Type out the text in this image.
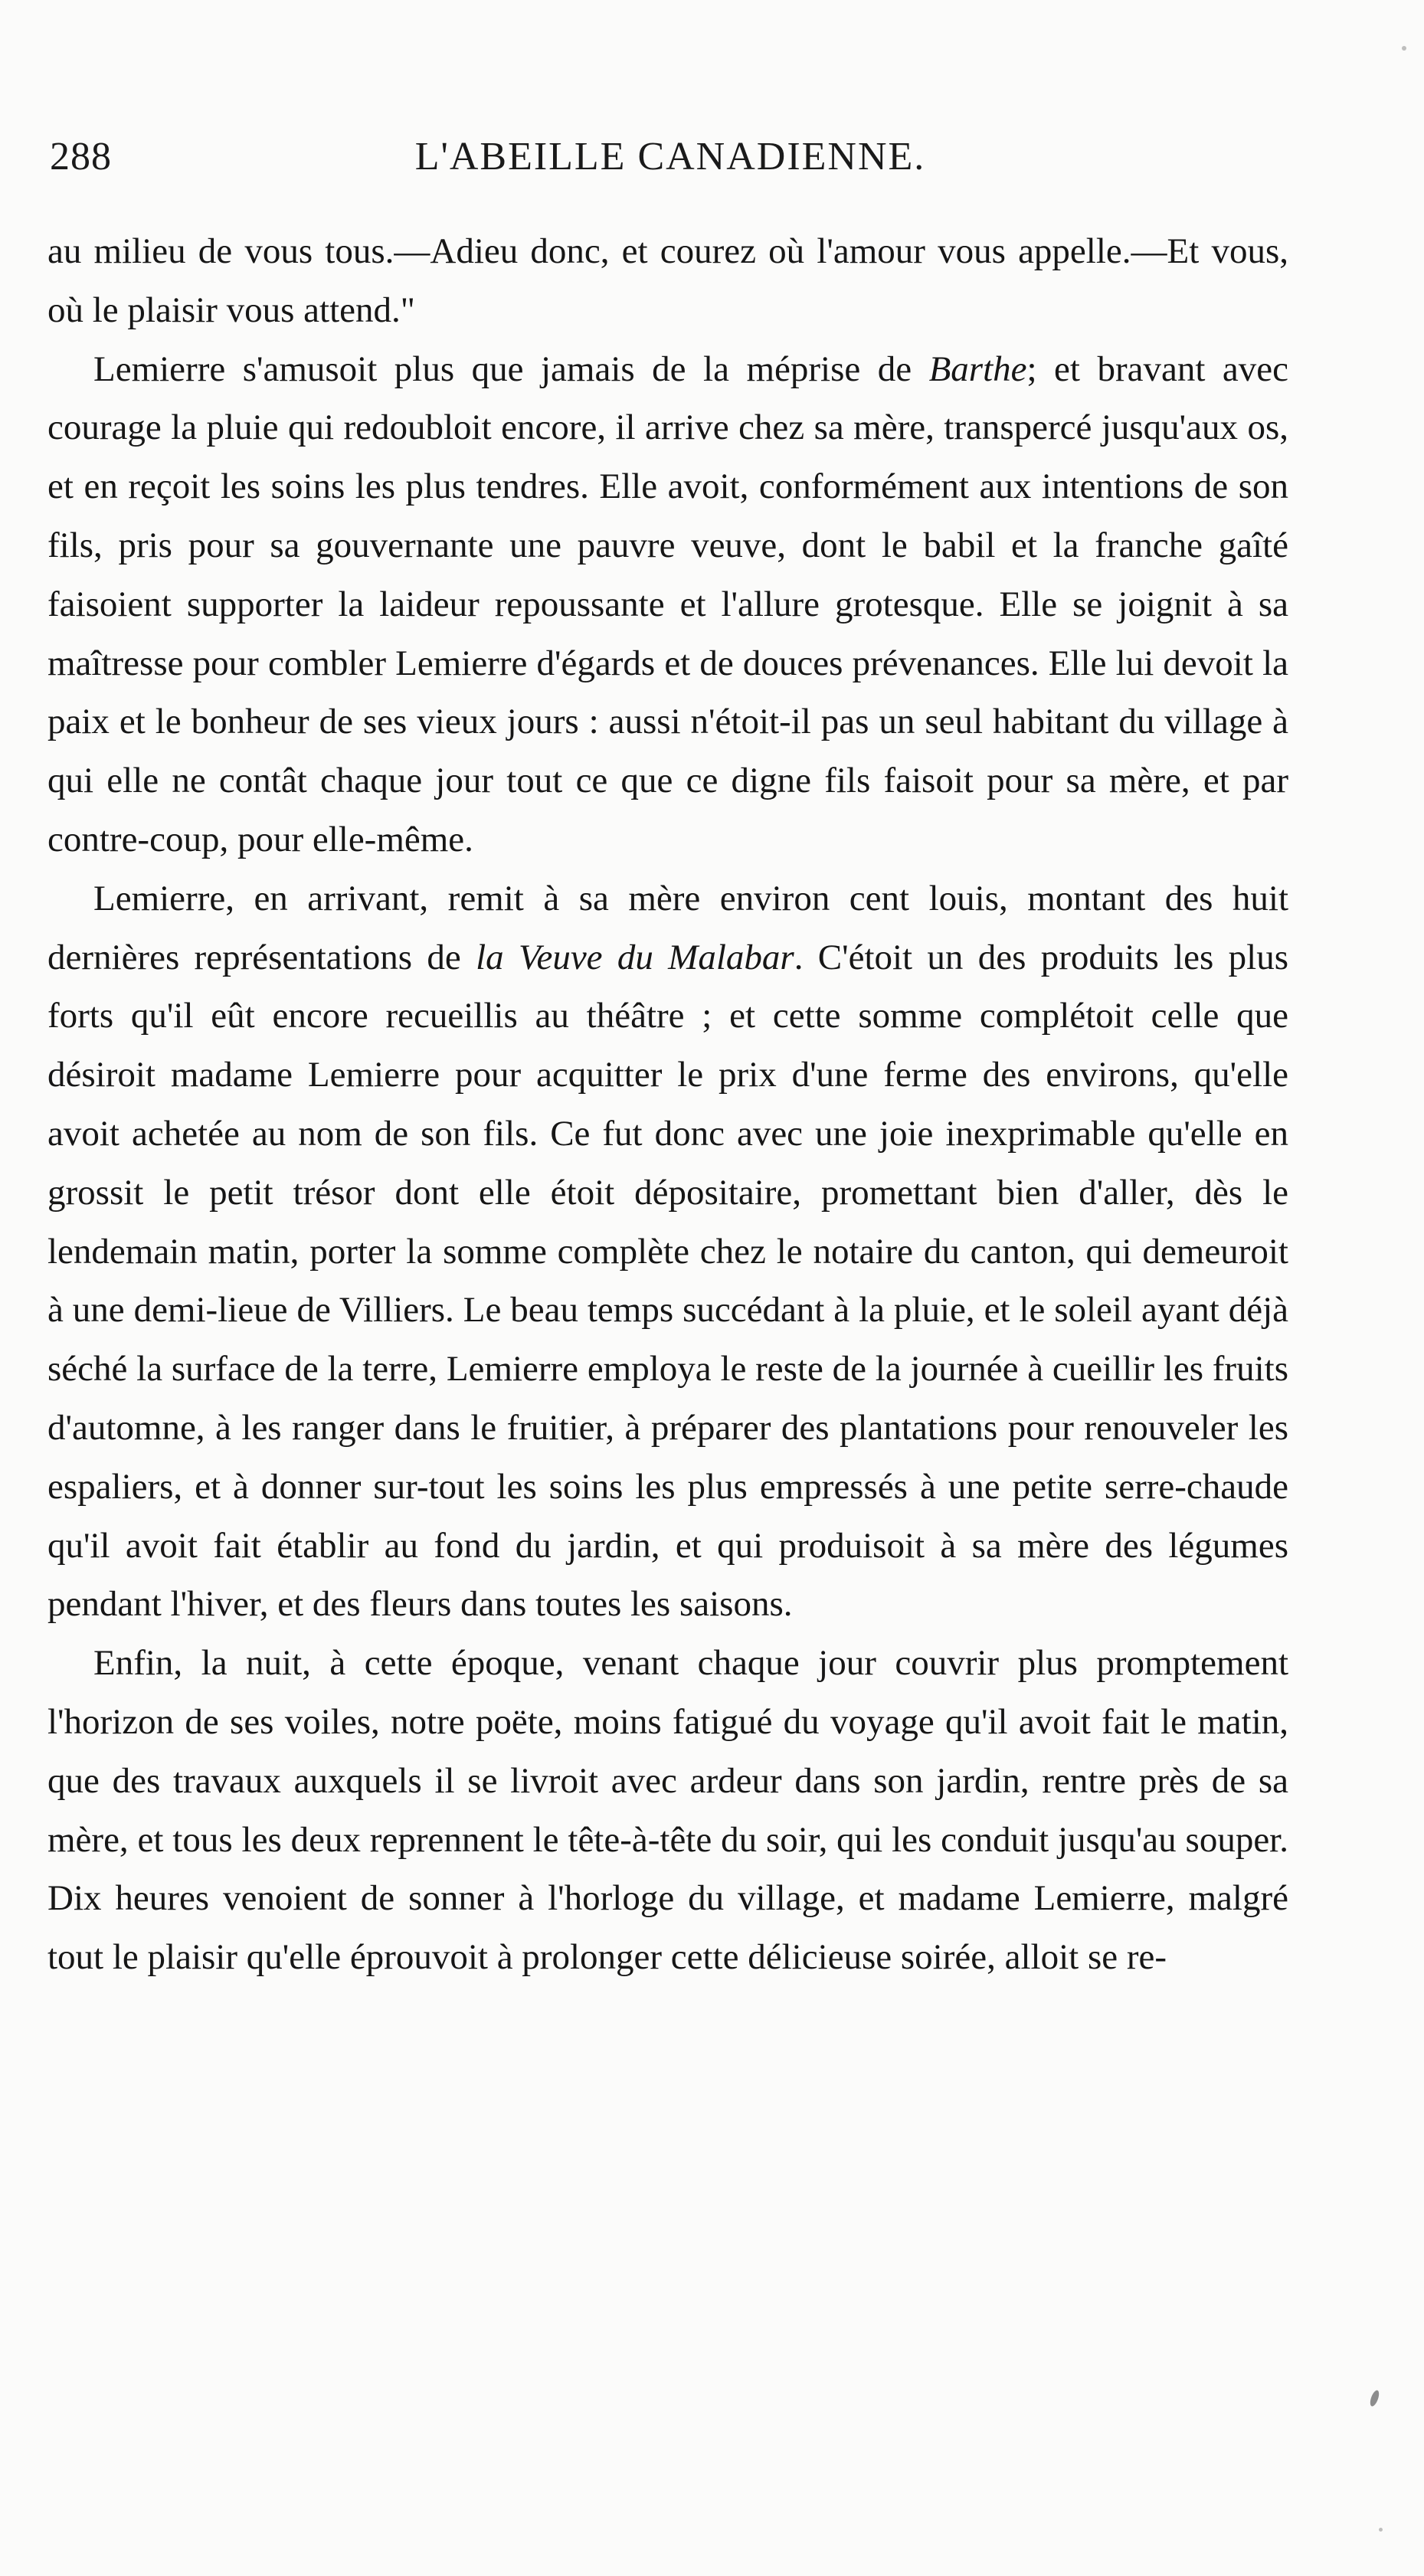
288	L'ABEILLE CANADIENNE.

au milieu de vous tous.—Adieu donc, et courez où l'amour vous appelle.—Et vous, où le plaisir vous attend."

Lemierre s'amusoit plus que jamais de la méprise de Barthe; et bravant avec courage la pluie qui redoubloit encore, il arrive chez sa mère, transpercé jusqu'aux os, et en reçoit les soins les plus tendres. Elle avoit, conformément aux intentions de son fils, pris pour sa gouvernante une pauvre veuve, dont le babil et la franche gaîté faisoient supporter la laideur repoussante et l'allure grotesque. Elle se joignit à sa maîtresse pour combler Lemierre d'égards et de douces prévenances. Elle lui devoit la paix et le bonheur de ses vieux jours : aussi n'étoit-il pas un seul habitant du village à qui elle ne contât chaque jour tout ce que ce digne fils faisoit pour sa mère, et par contre-coup, pour elle-même.

Lemierre, en arrivant, remit à sa mère environ cent louis, montant des huit dernières représentations de la Veuve du Malabar. C'étoit un des produits les plus forts qu'il eût encore recueillis au théâtre ; et cette somme complétoit celle que désiroit madame Lemierre pour acquitter le prix d'une ferme des environs, qu'elle avoit achetée au nom de son fils. Ce fut donc avec une joie inexprimable qu'elle en grossit le petit trésor dont elle étoit dépositaire, promettant bien d'aller, dès le lendemain matin, porter la somme complète chez le notaire du canton, qui demeuroit à une demi-lieue de Villiers. Le beau temps succédant à la pluie, et le soleil ayant déjà séché la surface de la terre, Lemierre employa le reste de la journée à cueillir les fruits d'automne, à les ranger dans le fruitier, à préparer des plantations pour renouveler les espaliers, et à donner sur-tout les soins les plus empressés à une petite serre-chaude qu'il avoit fait établir au fond du jardin, et qui produisoit à sa mère des légumes pendant l'hiver, et des fleurs dans toutes les saisons.

Enfin, la nuit, à cette époque, venant chaque jour couvrir plus promptement l'horizon de ses voiles, notre poëte, moins fatigué du voyage qu'il avoit fait le matin, que des travaux auxquels il se livroit avec ardeur dans son jardin, rentre près de sa mère, et tous les deux reprennent le tête-à-tête du soir, qui les conduit jusqu'au souper. Dix heures venoient de sonner à l'horloge du village, et madame Lemierre, malgré tout le plaisir qu'elle éprouvoit à prolonger cette délicieuse soirée, alloit se re-
